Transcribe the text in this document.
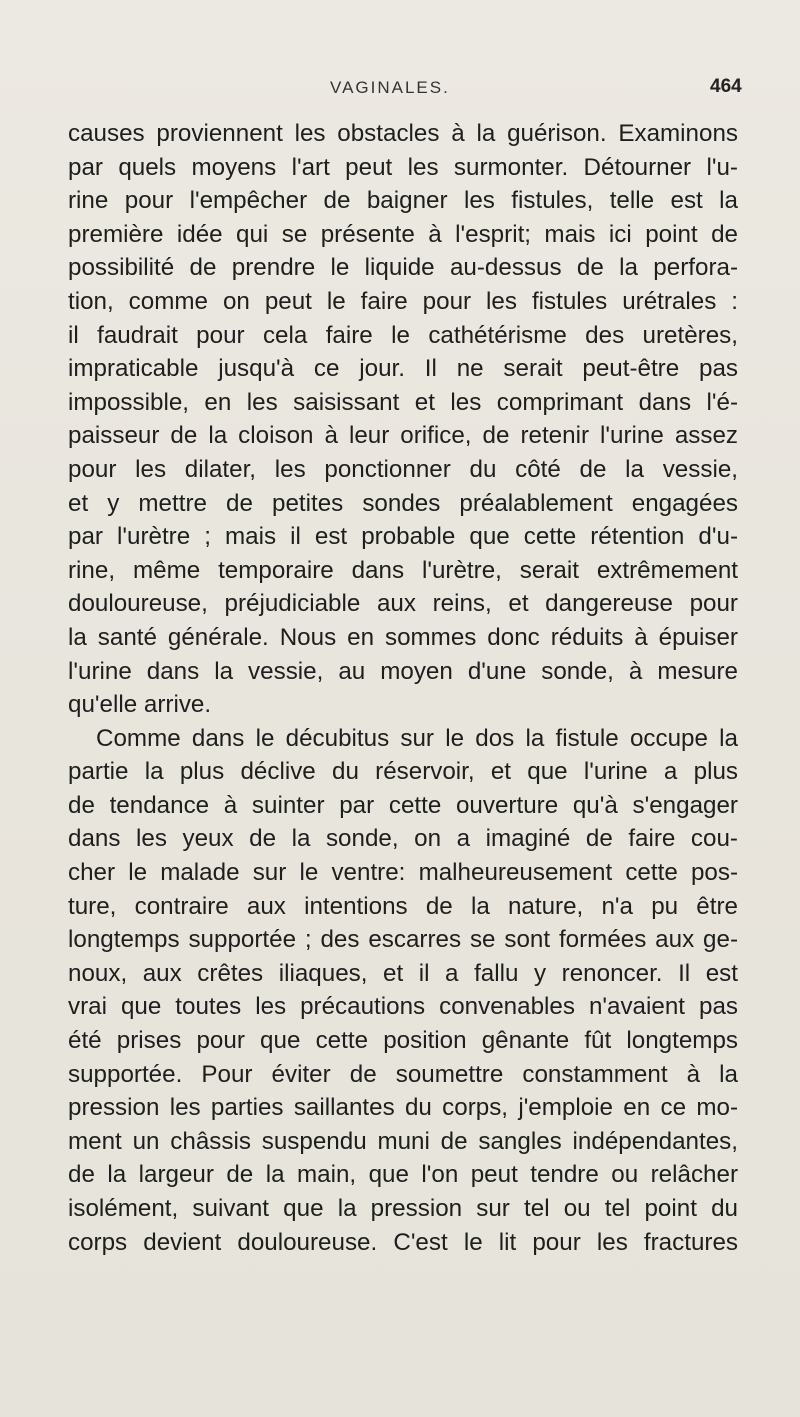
VAGINALES.	464
causes proviennent les obstacles à la guérison. Examinons
par quels moyens l'art peut les surmonter. Détourner l'u-
rine pour l'empêcher de baigner les fistules, telle est la
première idée qui se présente à l'esprit; mais ici point de
possibilité de prendre le liquide au-dessus de la perfora-
tion, comme on peut le faire pour les fistules urétrales :
il faudrait pour cela faire le cathétérisme des uretères,
impraticable jusqu'à ce jour. Il ne serait peut-être pas
impossible, en les saisissant et les comprimant dans l'é-
paisseur de la cloison à leur orifice, de retenir l'urine assez
pour les dilater, les ponctionner du côté de la vessie,
et y mettre de petites sondes préalablement engagées
par l'urètre ; mais il est probable que cette rétention d'u-
rine, même temporaire dans l'urètre, serait extrêmement
douloureuse, préjudiciable aux reins, et dangereuse pour
la santé générale. Nous en sommes donc réduits à épuiser
l'urine dans la vessie, au moyen d'une sonde, à mesure
qu'elle arrive.
Comme dans le décubitus sur le dos la fistule occupe la
partie la plus déclive du réservoir, et que l'urine a plus
de tendance à suinter par cette ouverture qu'à s'engager
dans les yeux de la sonde, on a imaginé de faire cou-
cher le malade sur le ventre: malheureusement cette pos-
ture, contraire aux intentions de la nature, n'a pu être
longtemps supportée ; des escarres se sont formées aux ge-
noux, aux crêtes iliaques, et il a fallu y renoncer. Il est
vrai que toutes les précautions convenables n'avaient pas
été prises pour que cette position gênante fût longtemps
supportée. Pour éviter de soumettre constamment à la
pression les parties saillantes du corps, j'emploie en ce mo-
ment un châssis suspendu muni de sangles indépendantes,
de la largeur de la main, que l'on peut tendre ou relâcher
isolément, suivant que la pression sur tel ou tel point du
corps devient douloureuse. C'est le lit pour les fractures
